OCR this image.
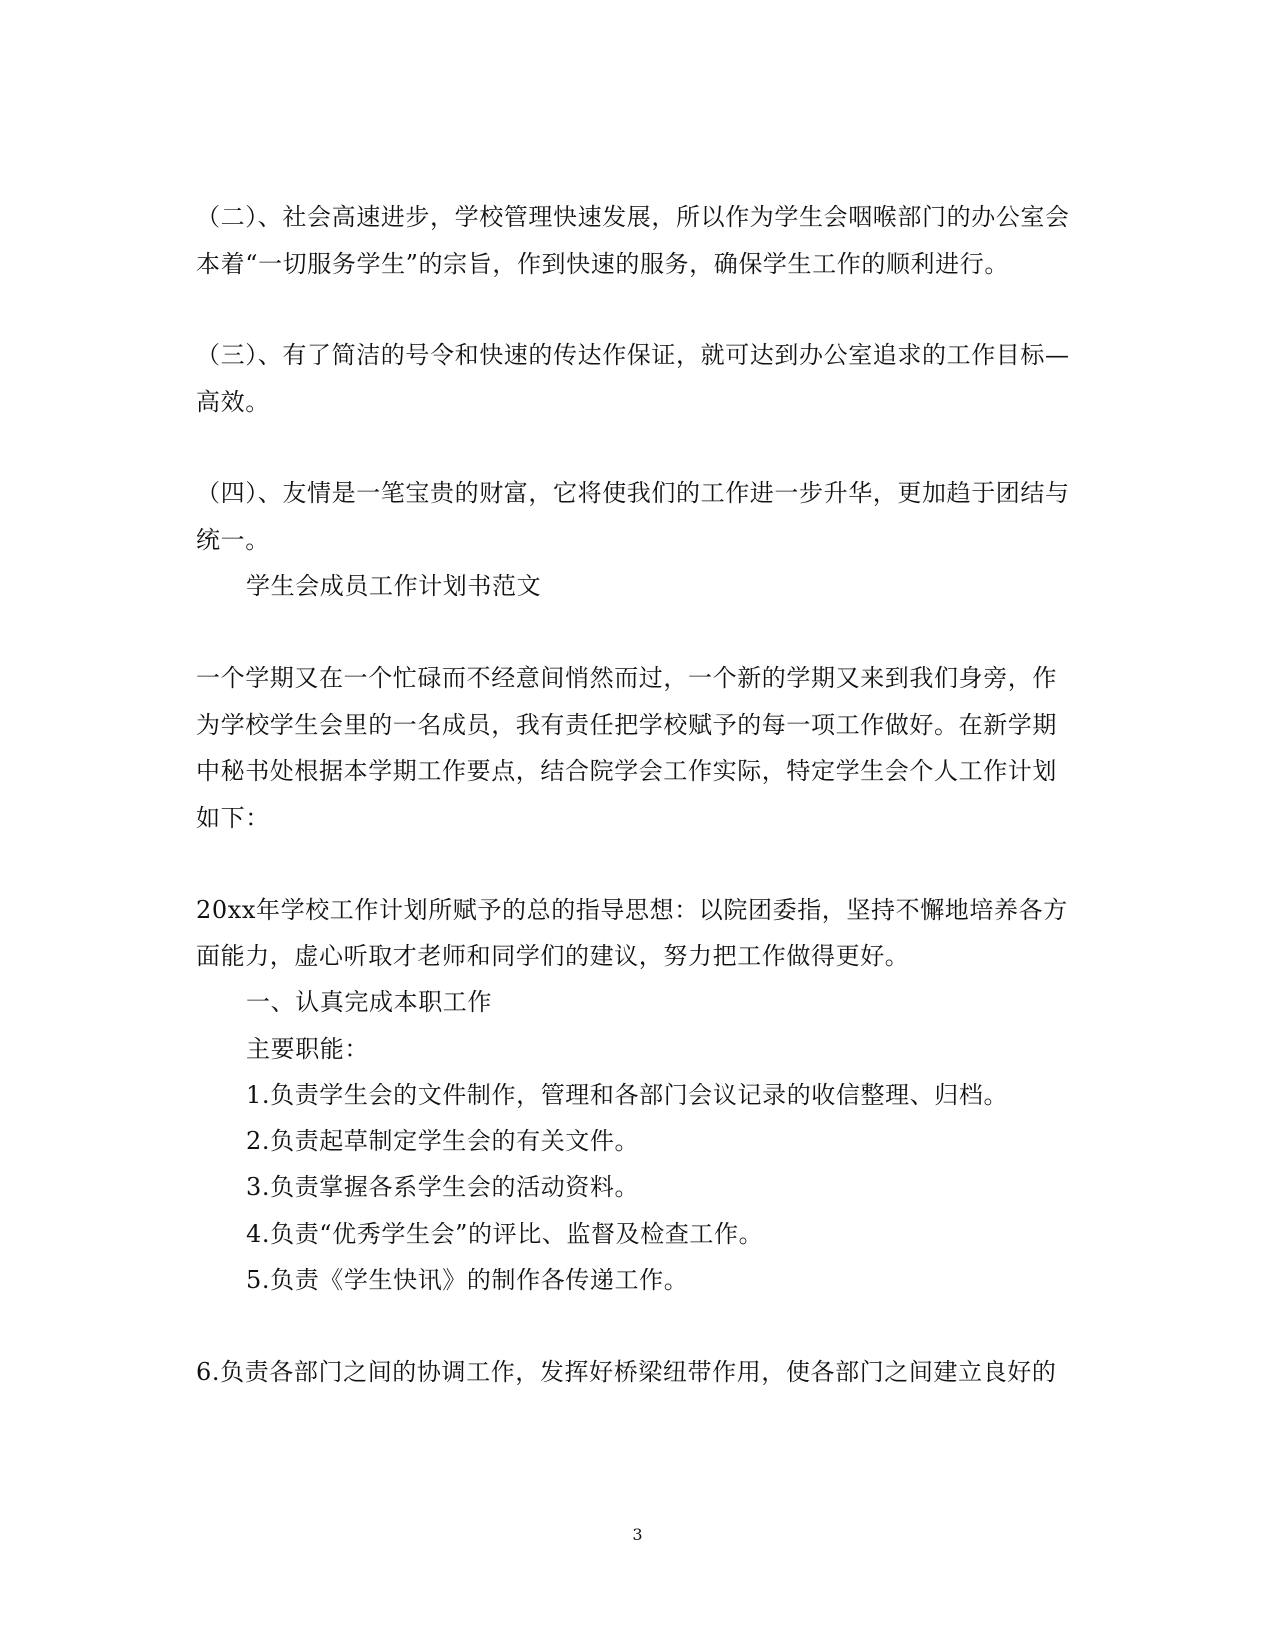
（二）、社会高速进步，学校管理快速发展，所以作为学生会咽喉部门的办公室会
本着“一切服务学生”的宗旨，作到快速的服务，确保学生工作的顺利进行。
（三）、有了简洁的号令和快速的传达作保证，就可达到办公室追求的工作目标—
高效。
（四）、友情是一笔宝贵的财富，它将使我们的工作进一步升华，更加趋于团结与
统一。
学生会成员工作计划书范文
一个学期又在一个忙碌而不经意间悄然而过，一个新的学期又来到我们身旁，作
为学校学生会里的一名成员，我有责任把学校赋予的每一项工作做好。在新学期
中秘书处根据本学期工作要点，结合院学会工作实际，特定学生会个人工作计划
如下：
20xx年学校工作计划所赋予的总的指导思想：以院团委指，坚持不懈地培养各方
面能力，虚心听取才老师和同学们的建议，努力把工作做得更好。
一、认真完成本职工作
主要职能：
1.负责学生会的文件制作，管理和各部门会议记录的收信整理、归档。
2.负责起草制定学生会的有关文件。
3.负责掌握各系学生会的活动资料。
4.负责“优秀学生会”的评比、监督及检查工作。
5.负责《学生快讯》的制作各传递工作。
6.负责各部门之间的协调工作，发挥好桥梁纽带作用，使各部门之间建立良好的
3
